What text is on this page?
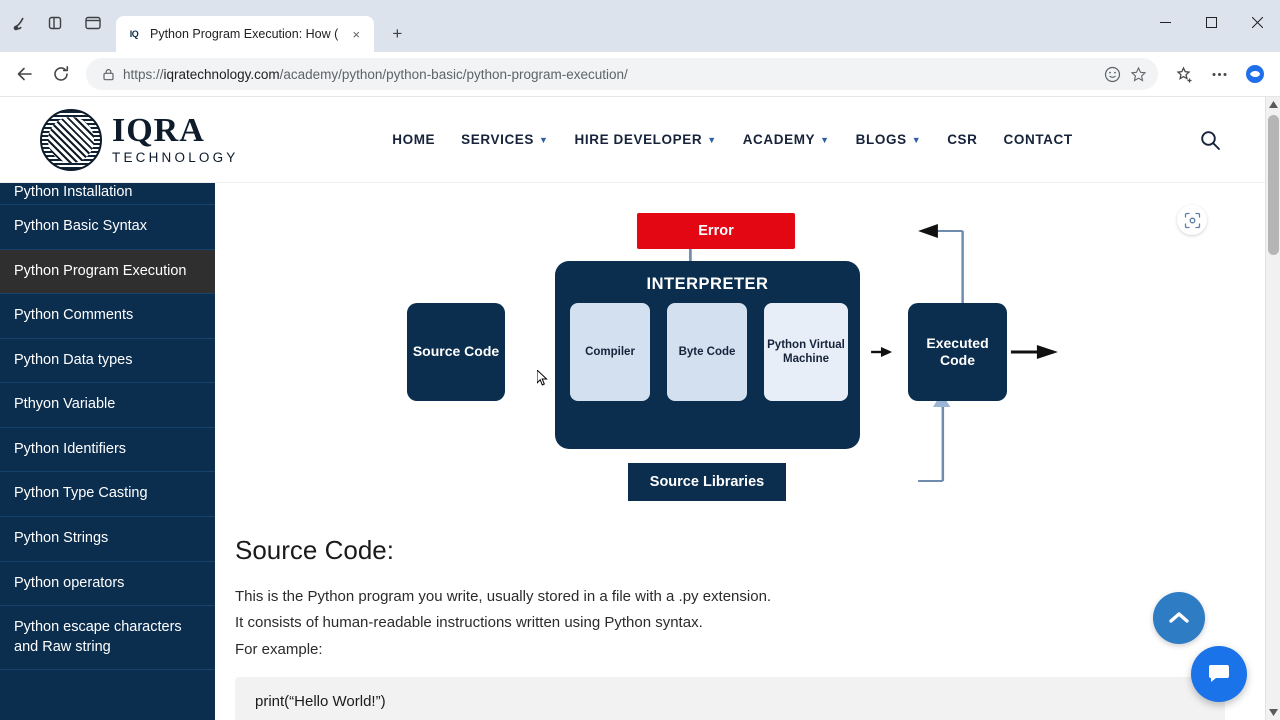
IQ Python Program Execution: How (	×	+
https://iqratechnology.com/academy/python/python-basic/python-program-execution/
IQRA
TECHNOLOGY
HOME SERVICES ▼ HIRE DEVELOPER ▼ ACADEMY ▼ BLOGS ▼ CSR CONTACT
Python Installation
Python Basic Syntax
Python Program Execution
Python Comments
Python Data types
Pthyon Variable
Python Identifiers
Python Type Casting
Python Strings
Python operators
Python escape characters and Raw string
Error
INTERPRETER
Compiler	Byte Code
Python Virtual Machine
Source Code
Executed Code
Source Libraries
Source Code:
This is the Python program you write, usually stored in a file with a .py extension.
It consists of human-readable instructions written using Python syntax.
For example:
print(“Hello World!”)
